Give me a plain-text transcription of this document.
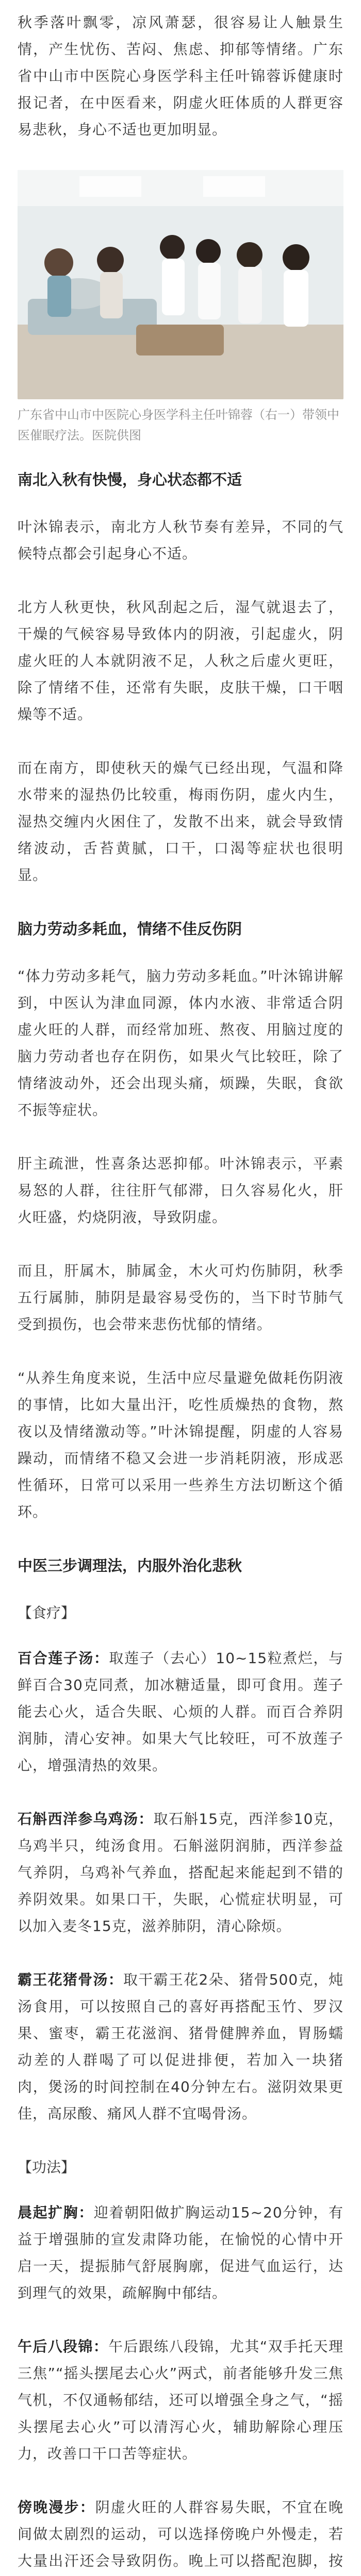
秋季落叶飘零，凉风萧瑟，很容易让人触景生情，产生忧伤、苦闷、焦虑、抑郁等情绪。广东省中山市中医院心身医学科主任叶锦蓉诉健康时报记者，在中医看来，阴虚火旺体质的人群更容易悲秋，身心不适也更加明显。

广东省中山市中医院心身医学科主任叶锦蓉（右一）带领中医催眠疗法。医院供图

南北入秋有快慢，身心状态都不适

叶沐锦表示，南北方人秋节奏有差异，不同的气候特点都会引起身心不适。

北方人秋更快，秋风刮起之后，湿气就退去了，干燥的气候容易导致体内的阴液，引起虚火，阴虚火旺的人本就阴液不足，人秋之后虚火更旺，除了情绪不佳，还常有失眠，皮肤干燥，口干咽燥等不适。

而在南方，即使秋天的燥气已经出现，气温和降水带来的湿热仍比较重，梅雨伤阴，虚火内生，湿热交缠内火困住了，发散不出来，就会导致情绪波动，舌苔黄腻，口干，口渴等症状也很明显。

脑力劳动多耗血，情绪不佳反伤阴

“体力劳动多耗气，脑力劳动多耗血。”叶沐锦讲解到，中医认为津血同源，体内水液、非常适合阴虚火旺的人群，而经常加班、熬夜、用脑过度的脑力劳动者也存在阴伤，如果火气比较旺，除了情绪波动外，还会出现头痛，烦躁，失眠，食欲不振等症状。

肝主疏泄，性喜条达恶抑郁。叶沐锦表示，平素易怒的人群，往往肝气郁滞，日久容易化火，肝火旺盛，灼烧阴液，导致阴虚。

而且，肝属木，肺属金，木火可灼伤肺阴，秋季五行属肺，肺阴是最容易受伤的，当下时节肺气受到损伤，也会带来悲伤忧郁的情绪。

“从养生角度来说，生活中应尽量避免做耗伤阴液的事情，比如大量出汗，吃性质燥热的食物，熬夜以及情绪激动等。”叶沐锦提醒，阴虚的人容易躁动，而情绪不稳又会进一步消耗阴液，形成恶性循环，日常可以采用一些养生方法切断这个循环。

中医三步调理法，内服外治化悲秋
【食疗】

百合莲子汤：取莲子（去心）10~15粒煮烂，与鲜百合30克同煮，加冰糖适量，即可食用。莲子能去心火，适合失眠、心烦的人群。而百合养阴润肺，清心安神。如果大气比较旺，可不放莲子心，增强清热的效果。

石斛西洋参乌鸡汤：取石斛15克，西洋参10克，乌鸡半只，纯汤食用。石斛滋阴润肺，西洋参益气养阴，乌鸡补气养血，搭配起来能起到不错的养阴效果。如果口干，失眠，心慌症状明显，可以加入麦冬15克，滋养肺阴，清心除烦。

霸王花猪骨汤：取干霸王花2朵、猪骨500克，炖汤食用，可以按照自己的喜好再搭配玉竹、罗汉果、蜜枣，霸王花滋润、猪骨健脾养血，胃肠蠕动差的人群喝了可以促进排便，若加入一块猪肉，煲汤的时间控制在40分钟左右。滋阴效果更佳，高尿酸、痛风人群不宜喝骨汤。

【功法】

晨起扩胸：迎着朝阳做扩胸运动15~20分钟，有益于增强肺的宣发肃降功能，在愉悦的心情中开启一天，提振肺气舒展胸廓，促进气血运行，达到理气的效果，疏解胸中郁结。

午后八段锦：午后跟练八段锦，尤其“双手托天理三焦”“摇头摆尾去心火”两式，前者能够升发三焦气机，不仅通畅郁结，还可以增强全身之气，“摇头摆尾去心火”可以清泻心火，辅助解除心理压力，改善口干口苦等症状。

傍晚漫步：阴虚火旺的人群容易失眠，不宜在晚间做太剧烈的运动，可以选择傍晚户外慢走，若大量出汗还会导致阴伤。晚上可以搭配泡脚，按
